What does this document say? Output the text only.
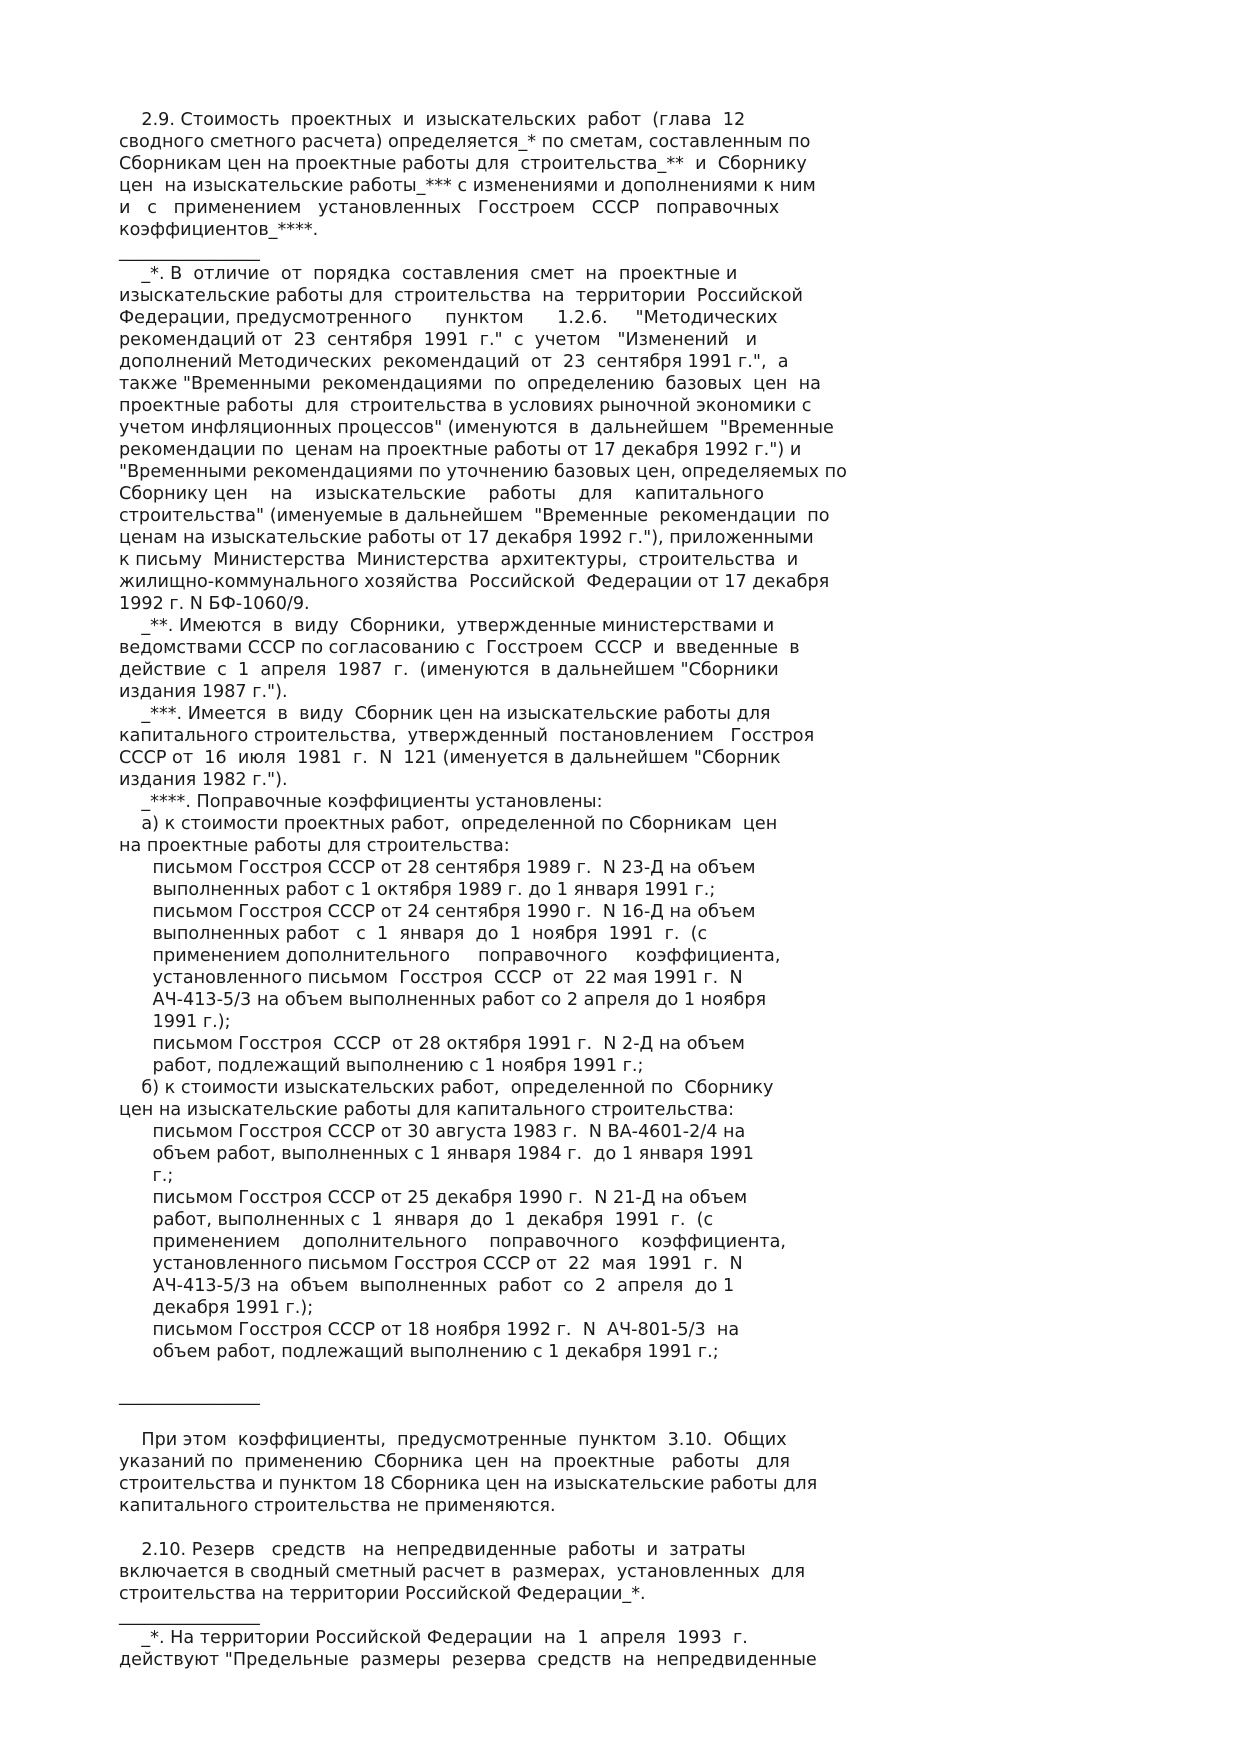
2.9. Стоимость  проектных  и  изыскательских  работ  (глава  12
сводного сметного расчета) определяется_* по сметам, составленным по
Сборникам цен на проектные работы для  строительства_**  и  Сборнику
цен  на изыскательские работы_*** с изменениями и дополнениями к ним
и   с   применением   установленных   Госстроем   СССР   поправочных
коэффициентов_****.
________________
_*. В  отличие  от  порядка  составления  смет  на  проектные и
изыскательские работы для  строительства  на  территории  Российской
Федерации, предусмотренного      пунктом      1.2.6.     "Методических
рекомендаций от  23  сентября  1991  г."  с  учетом   "Изменений   и
дополнений Методических  рекомендаций  от  23  сентября 1991 г.",  а
также "Временными  рекомендациями  по  определению  базовых  цен  на
проектные работы  для  строительства в условиях рыночной экономики с
учетом инфляционных процессов" (именуются  в  дальнейшем  "Временные
рекомендации по  ценам на проектные работы от 17 декабря 1992 г.") и
"Временными рекомендациями по уточнению базовых цен, определяемых по
Сборнику цен    на    изыскательские    работы    для    капитального
строительства" (именуемые в дальнейшем  "Временные  рекомендации  по
ценам на изыскательские работы от 17 декабря 1992 г."), приложенными
к письму  Министерства  Министерства  архитектуры,  строительства  и
жилищно-коммунального хозяйства  Российской  Федерации от 17 декабря
1992 г. N БФ-1060/9.
_**. Имеются  в  виду  Сборники,  утвержденные министерствами и
ведомствами СССР по согласованию с  Госстроем  СССР  и  введенные  в
действие  с  1  апреля  1987  г.  (именуются  в дальнейшем "Сборники
издания 1987 г.").
_***. Имеется  в  виду  Сборник цен на изыскательские работы для
капитального строительства,  утвержденный  постановлением   Госстроя
СССР от  16  июля  1981  г.  N  121 (именуется в дальнейшем "Сборник
издания 1982 г.").
_****. Поправочные коэффициенты установлены:
а) к стоимости проектных работ,  определенной по Сборникам  цен
на проектные работы для строительства:
письмом Госстроя СССР от 28 сентября 1989 г.  N 23-Д на объем
выполненных работ с 1 октября 1989 г. до 1 января 1991 г.;
письмом Госстроя СССР от 24 сентября 1990 г.  N 16-Д на объем
выполненных работ   с  1  января  до  1  ноября  1991  г.  (с
применением дополнительного     поправочного     коэффициента,
установленного письмом  Госстроя  СССР  от  22 мая 1991 г.  N
АЧ-413-5/3 на объем выполненных работ со 2 апреля до 1 ноября
1991 г.);
письмом Госстроя  СССР  от 28 октября 1991 г.  N 2-Д на объем
работ, подлежащий выполнению с 1 ноября 1991 г.;
б) к стоимости изыскательских работ,  определенной по  Сборнику
цен на изыскательские работы для капитального строительства:
письмом Госстроя СССР от 30 августа 1983 г.  N ВА-4601-2/4 на
объем работ, выполненных с 1 января 1984 г.  до 1 января 1991
г.;
письмом Госстроя СССР от 25 декабря 1990 г.  N 21-Д на объем
работ, выполненных с  1  января  до  1  декабря  1991  г.  (с
применением    дополнительного    поправочного    коэффициента,
установленного письмом Госстроя СССР от  22  мая  1991  г.  N
АЧ-413-5/3 на  объем  выполненных  работ  со  2  апреля  до 1
декабря 1991 г.);
письмом Госстроя СССР от 18 ноября 1992 г.  N  АЧ-801-5/3  на
объем работ, подлежащий выполнению с 1 декабря 1991 г.;
________________
При этом  коэффициенты,  предусмотренные  пунктом  3.10.  Общих
указаний по  применению  Сборника  цен  на  проектные   работы   для
строительства и пунктом 18 Сборника цен на изыскательские работы для
капитального строительства не применяются.
2.10. Резерв   средств   на  непредвиденные  работы  и  затраты
включается в сводный сметный расчет в  размерах,  установленных  для
строительства на территории Российской Федерации_*.
________________
_*. На территории Российской Федерации  на  1  апреля  1993  г.
действуют "Предельные  размеры  резерва  средств  на  непредвиденные
